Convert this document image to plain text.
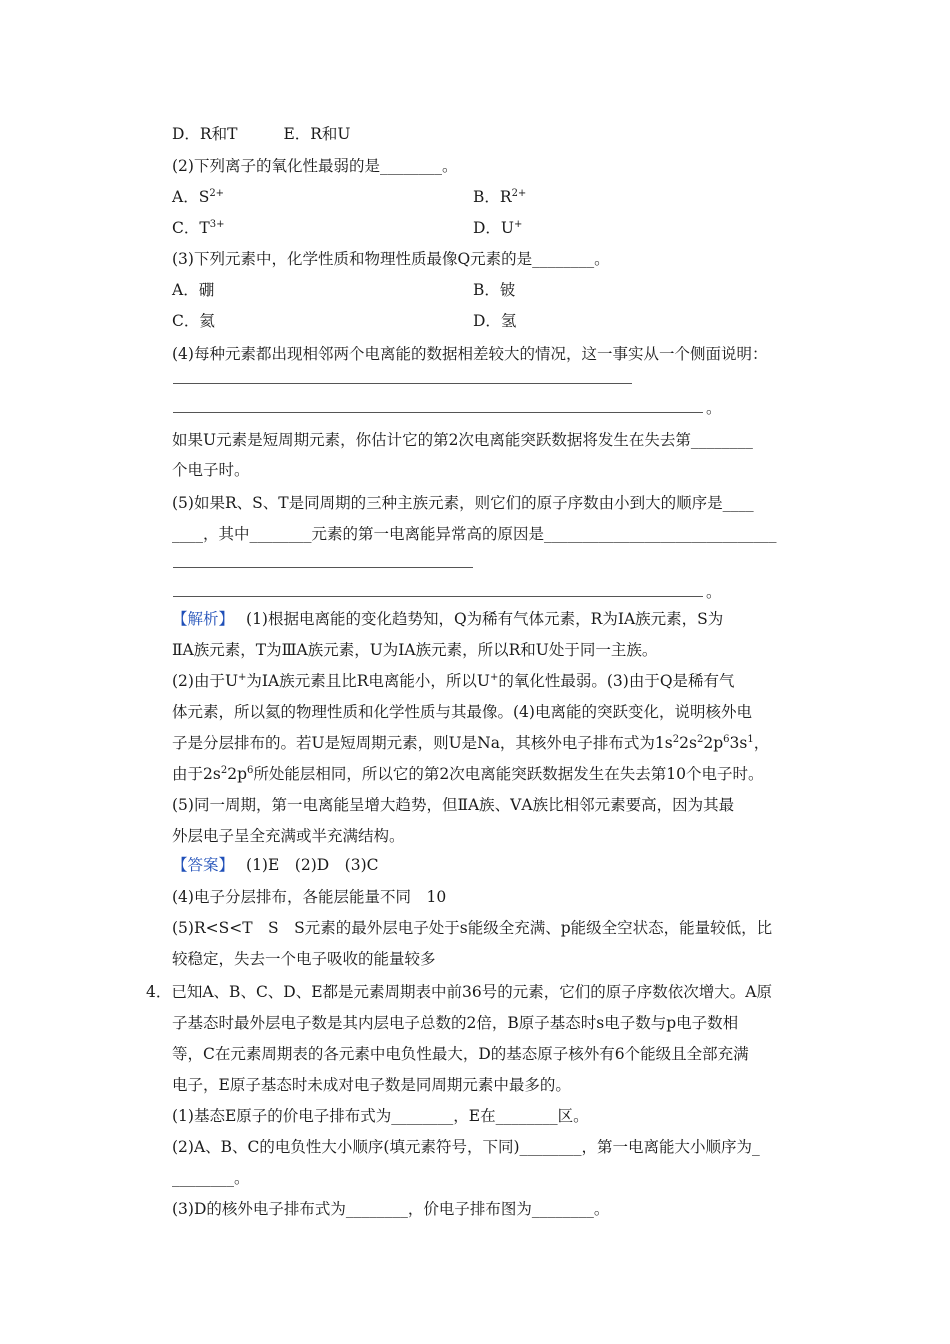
D．R和T	E．R和U
(2)下列离子的氧化性最弱的是________。
A．$S^{2+}$	B．$R^{2+}$
C．$T^{3+}$	D．U+
(3)下列元素中，化学性质和物理性质最像Q元素的是________。
A．硼	B．铍
C．氦	D．氢
(4)每种元素都出现相邻两个电离能的数据相差较大的情况，这一事实从一个侧面说明：
。
如果U元素是短周期元素，你估计它的第2次电离能突跃数据将发生在失去第________
个电子时。
(5)如果R、S、T是同周期的三种主族元素，则它们的原子序数由小到大的顺序是____
____，其中________元素的第一电离能异常高的原因是______________________________
。
【解析】 (1)根据电离能的变化趋势知，Q为稀有气体元素，R为ⅠA族元素，S为
ⅡA族元素，T为ⅢA族元素，U为ⅠA族元素，所以R和U处于同一主族。
(2)由于U+为ⅠA族元素且比R电离能小，所以U+的氧化性最弱。(3)由于Q是稀有气
体元素，所以氦的物理性质和化学性质与其最像。(4)电离能的突跃变化，说明核外电
子是分层排布的。若U是短周期元素，则U是Na，其核外电子排布式为$1s^22s^22p^63s^1$，
由于$2s^22p^6$所处能层相同，所以它的第2次电离能突跃数据发生在失去第10个电子时。
(5)同一周期，第一电离能呈增大趋势，但ⅡA族、ⅤA族比相邻元素要高，因为其最
外层电子呈全充满或半充满结构。
【答案】 (1)E　(2)D　(3)C
(4)电子分层排布，各能层能量不同　10
(5)R<S<T　S　S元素的最外层电子处于s能级全充满、p能级全空状态，能量较低，比
较稳定，失去一个电子吸收的能量较多
4．已知A、B、C、D、E都是元素周期表中前36号的元素，它们的原子序数依次增大。A原
子基态时最外层电子数是其内层电子总数的2倍，B原子基态时s电子数与p电子数相
等，C在元素周期表的各元素中电负性最大，D的基态原子核外有6个能级且全部充满
电子，E原子基态时未成对电子数是同周期元素中最多的。
(1)基态E原子的价电子排布式为________，E在________区。
(2)A、B、C的电负性大小顺序(填元素符号，下同)________，第一电离能大小顺序为_
________。
(3)D的核外电子排布式为________，价电子排布图为________。
